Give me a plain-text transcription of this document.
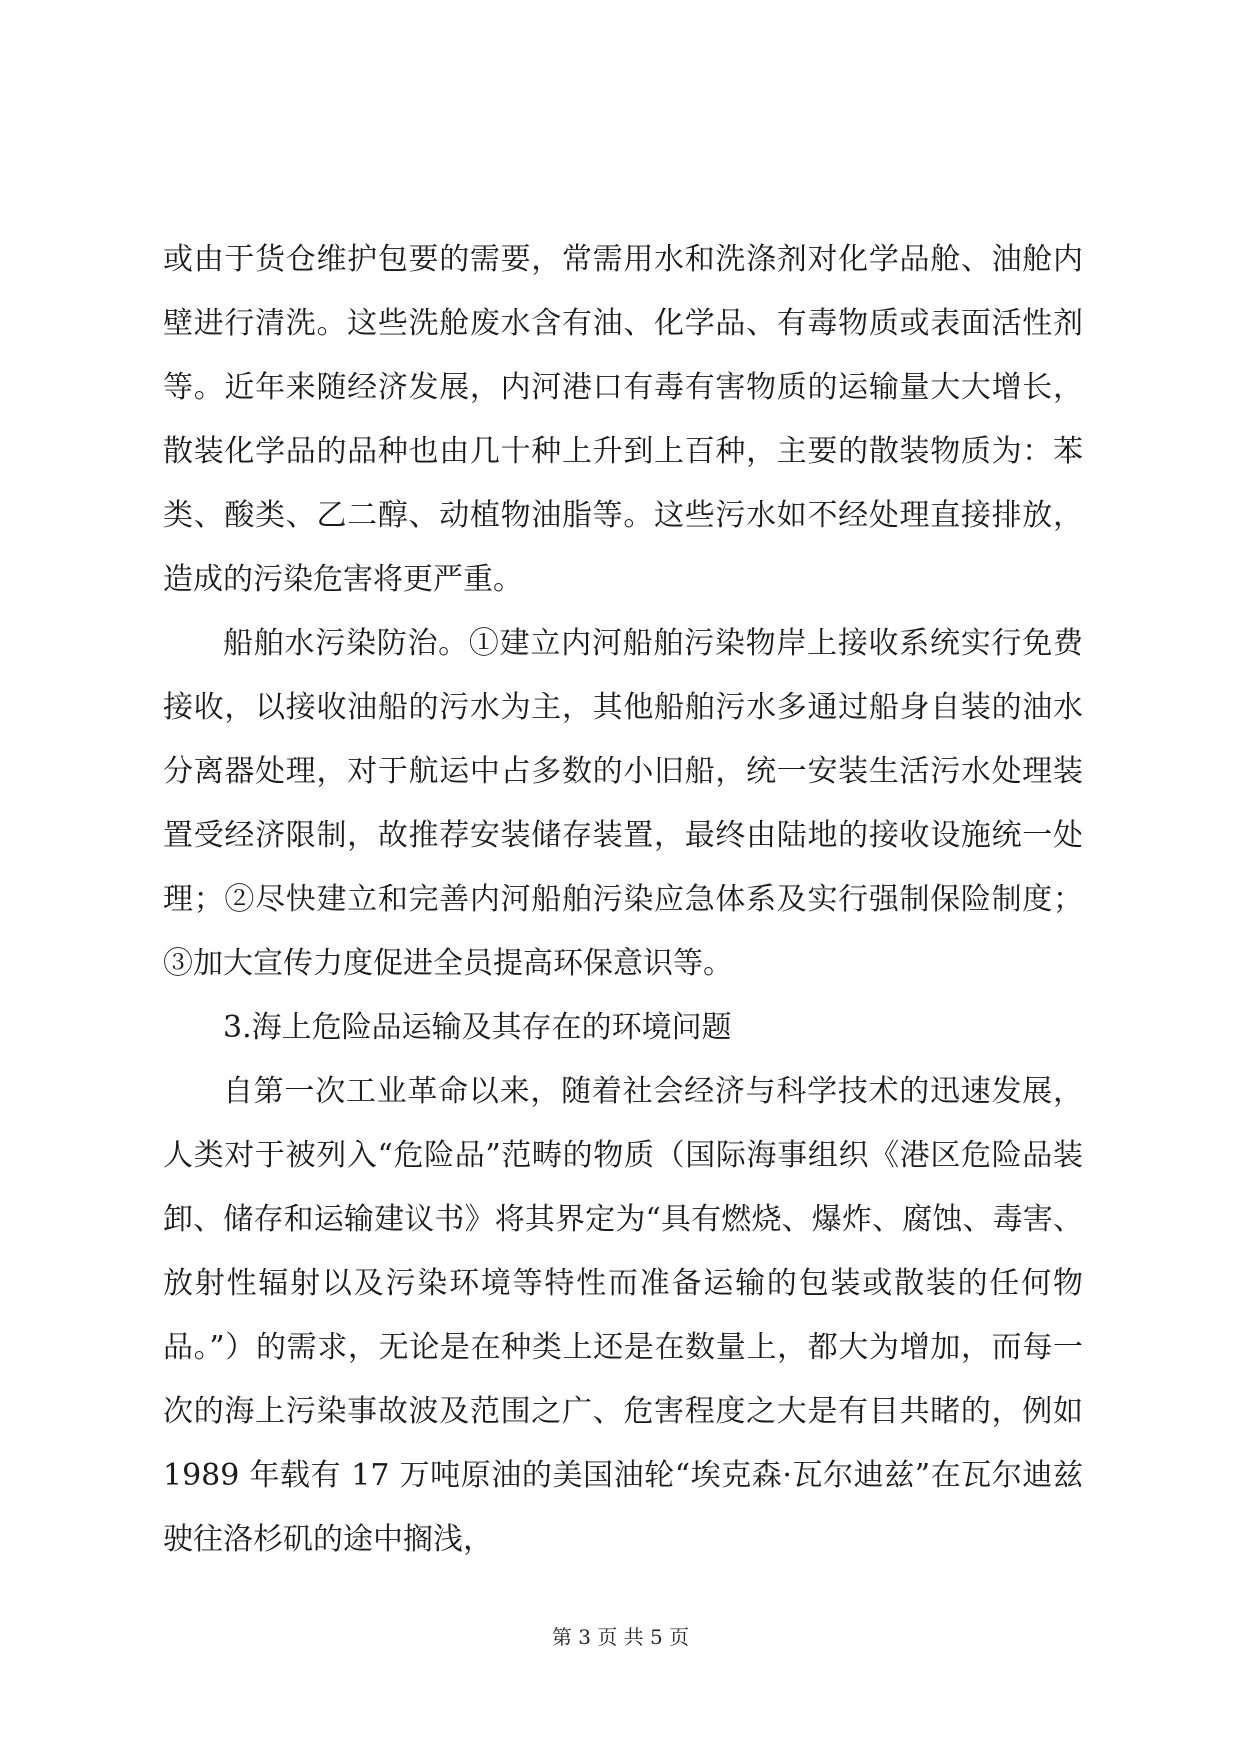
或由于货仓维护包要的需要，常需用水和洗涤剂对化学品舱、油舱内壁进行清洗。这些洗舱废水含有油、化学品、有毒物质或表面活性剂等。近年来随经济发展，内河港口有毒有害物质的运输量大大增长，散装化学品的品种也由几十种上升到上百种，主要的散装物质为：苯类、酸类、乙二醇、动植物油脂等。这些污水如不经处理直接排放，造成的污染危害将更严重。

船舶水污染防治。①建立内河船舶污染物岸上接收系统实行免费接收，以接收油船的污水为主，其他船舶污水多通过船身自装的油水分离器处理，对于航运中占多数的小旧船，统一安装生活污水处理装置受经济限制，故推荐安装储存装置，最终由陆地的接收设施统一处理；②尽快建立和完善内河船舶污染应急体系及实行强制保险制度；③加大宣传力度促进全员提高环保意识等。

3.海上危险品运输及其存在的环境问题

自第一次工业革命以来，随着社会经济与科学技术的迅速发展，人类对于被列入“危险品”范畴的物质（国际海事组织《港区危险品装卸、储存和运输建议书》将其界定为“具有燃烧、爆炸、腐蚀、毒害、放射性辐射以及污染环境等特性而准备运输的包装或散装的任何物品。”）的需求，无论是在种类上还是在数量上，都大为增加，而每一次的海上污染事故波及范围之广、危害程度之大是有目共睹的，例如 1989 年载有 17 万吨原油的美国油轮“埃克森·瓦尔迪兹”在瓦尔迪兹驶往洛杉矶的途中搁浅，

第 3 页 共 5 页
